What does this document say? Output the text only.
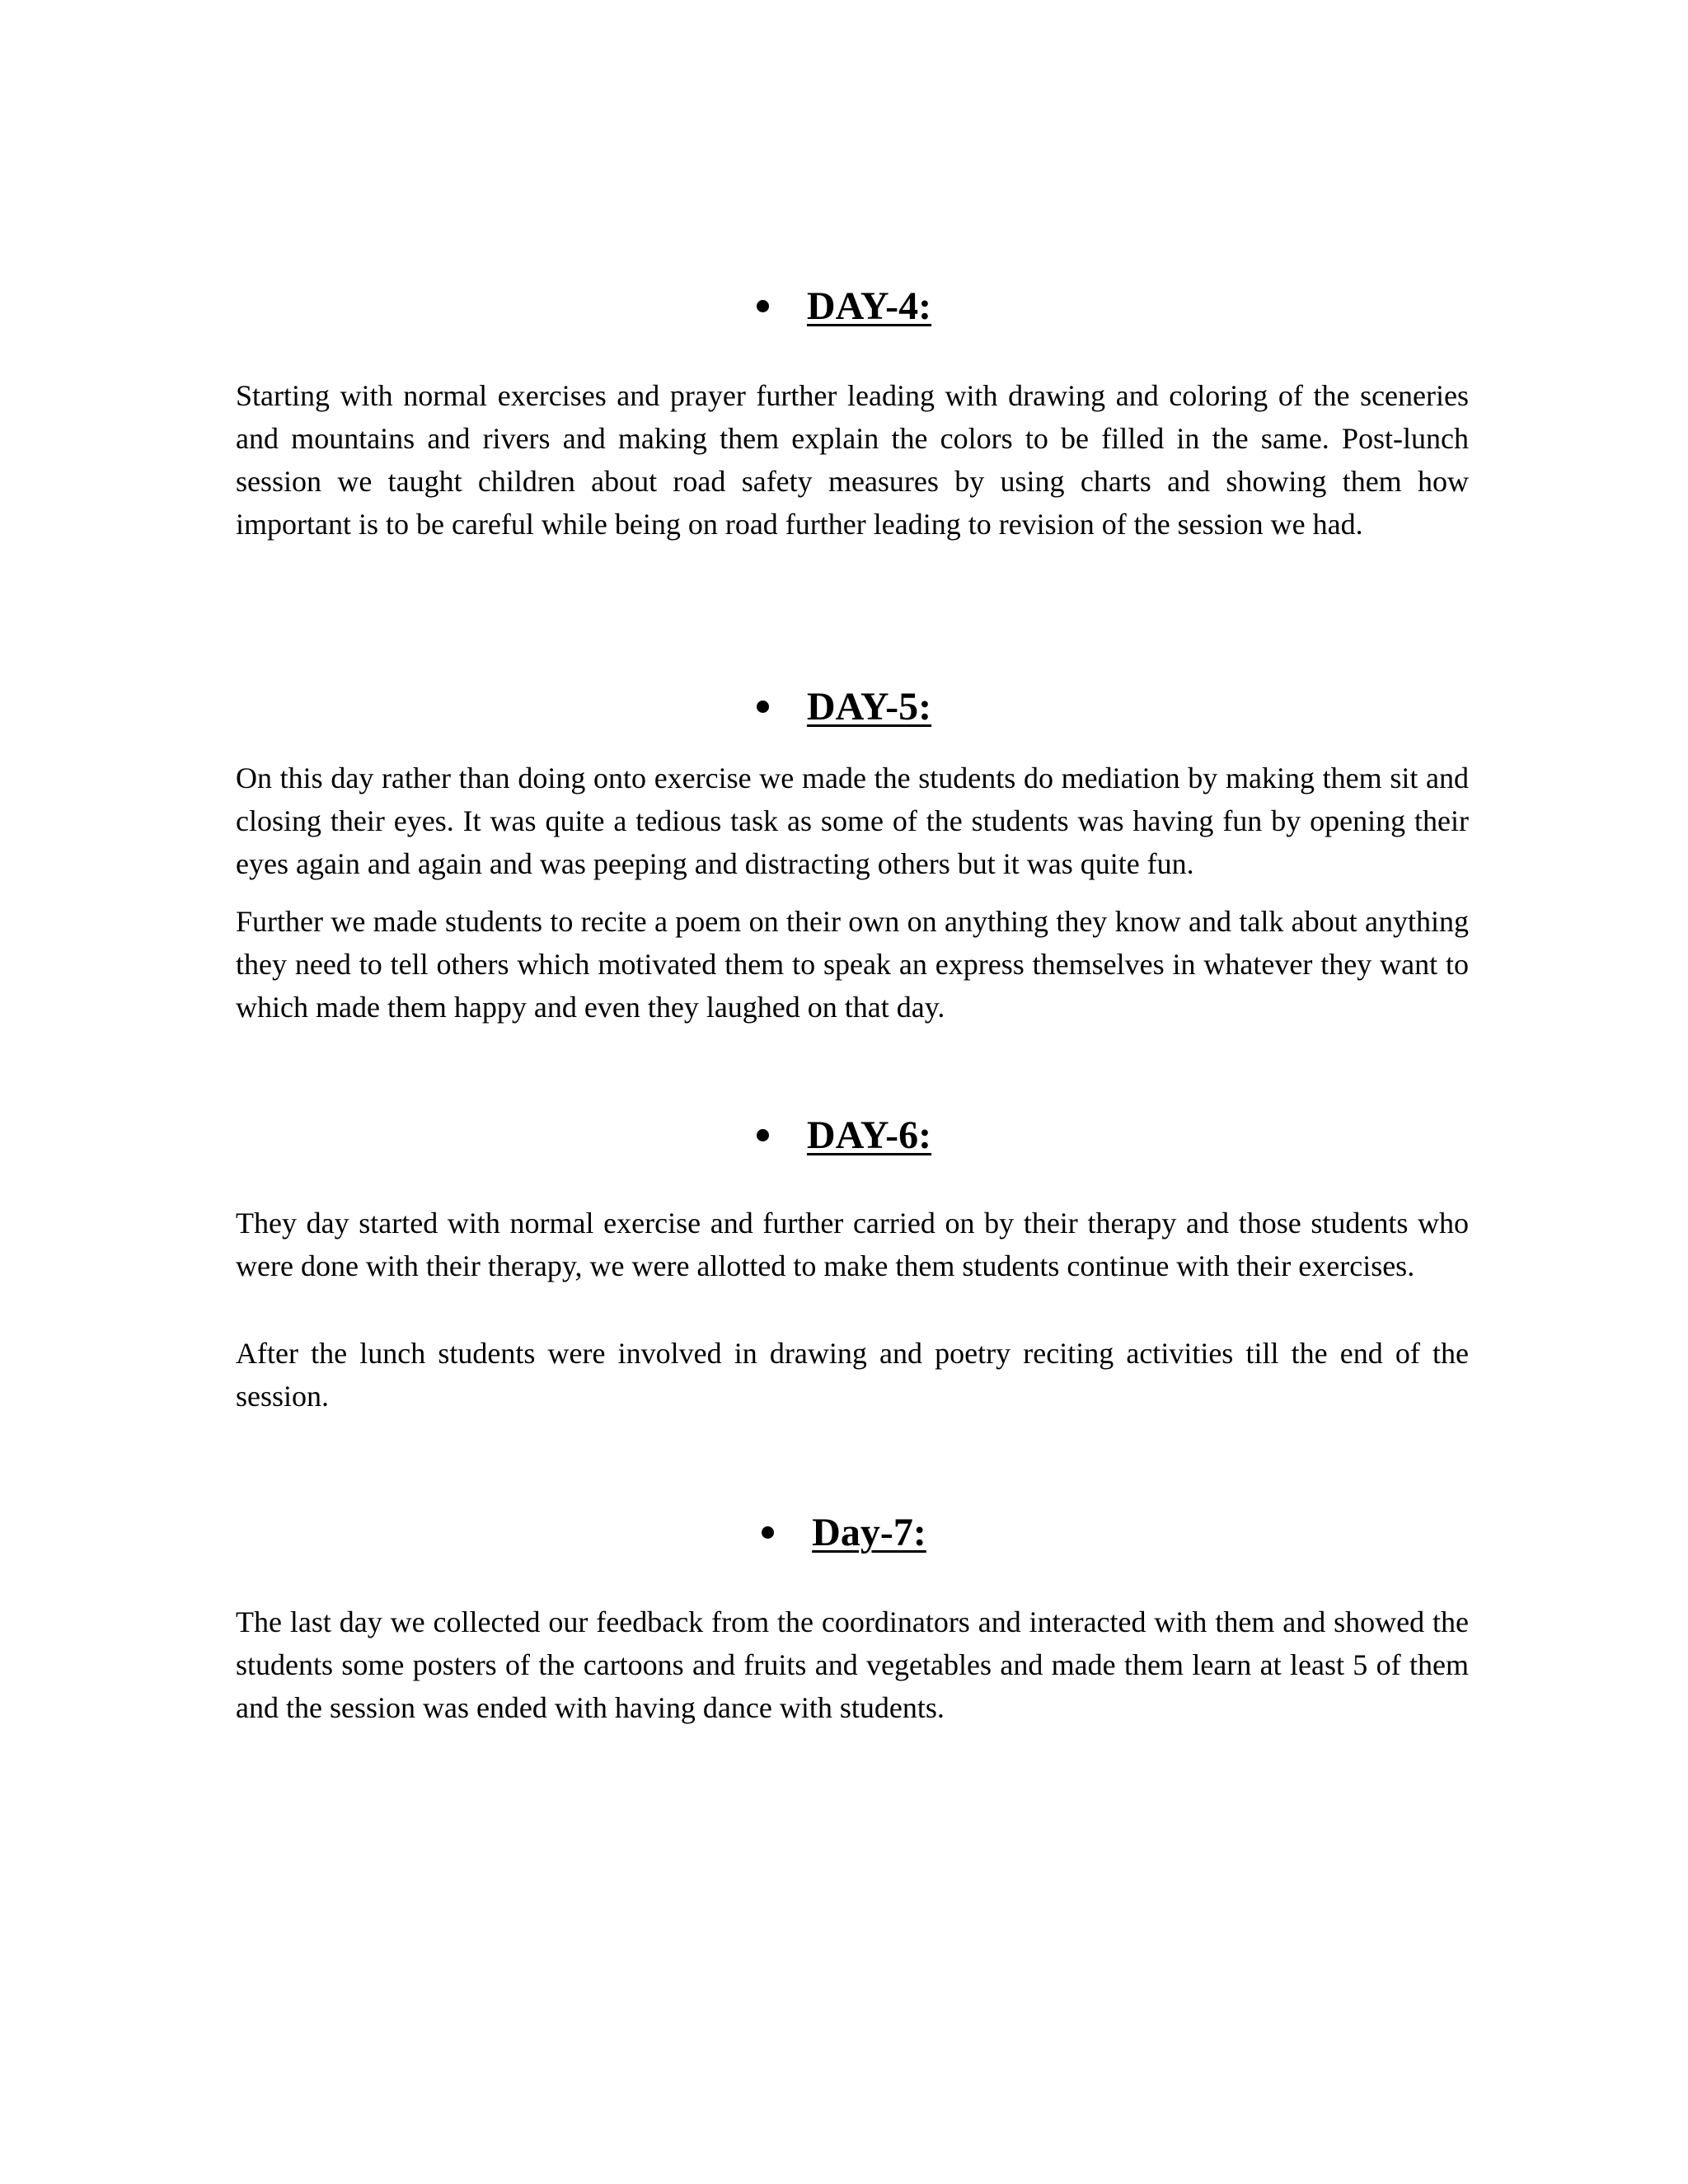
DAY-4:

Starting with normal exercises and prayer further leading with drawing and coloring of the sceneries and mountains and rivers and making them explain the colors to be filled in the same. Post-lunch session we taught children about road safety measures by using charts and showing them how important is to be careful while being on road further leading to revision of the session we had.

DAY-5:

On this day rather than doing onto exercise we made the students do mediation by making them sit and closing their eyes. It was quite a tedious task as some of the students was having fun by opening their eyes again and again and was peeping and distracting others but it was quite fun.

Further we made students to recite a poem on their own on anything they know and talk about anything they need to tell others which motivated them to speak an express themselves in whatever they want to which made them happy and even they laughed on that day.

DAY-6:

They day started with normal exercise and further carried on by their therapy and those students who were done with their therapy, we were allotted to make them students continue with their exercises.

After the lunch students were involved in drawing and poetry reciting activities till the end of the session.

Day-7:

The last day we collected our feedback from the coordinators and interacted with them and showed the students some posters of the cartoons and fruits and vegetables and made them learn at least 5 of them and the session was ended with having dance with students.
